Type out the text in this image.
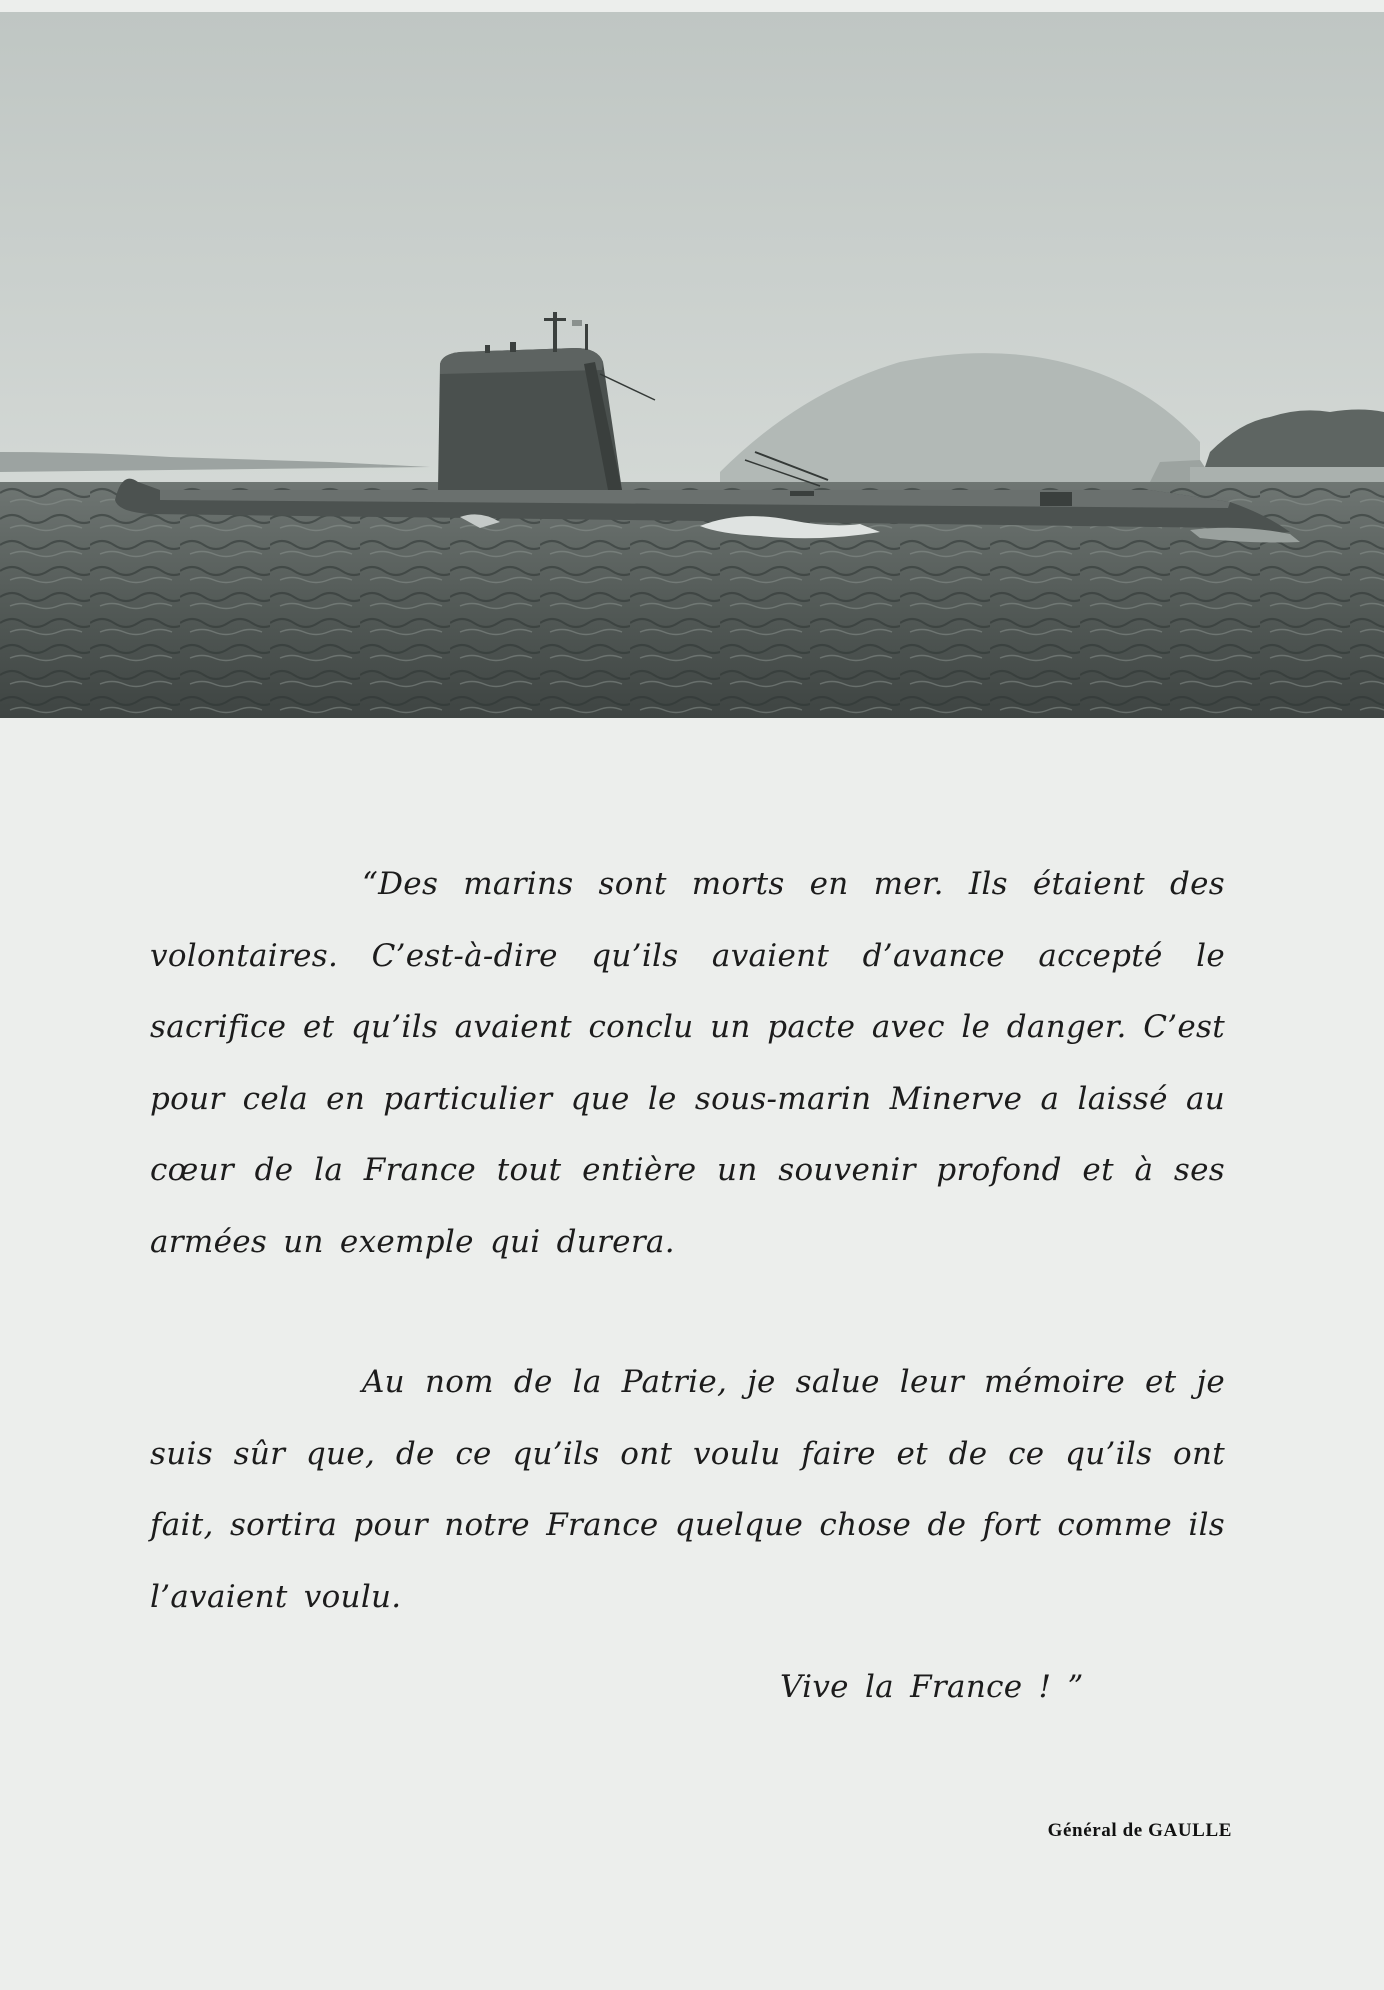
“Des marins sont morts en mer. Ils étaient des volontaires. C’est-à-dire qu’ils avaient d’avance accepté le sacrifice et qu’ils avaient conclu un pacte avec le danger. C’est pour cela en particulier que le sous-marin Minerve a laissé au cœur de la France tout entière un souvenir profond et à ses armées un exemple qui durera.

Au nom de la Patrie, je salue leur mémoire et je suis sûr que, de ce qu’ils ont voulu faire et de ce qu’ils ont fait, sortira pour notre France quelque chose de fort comme ils l’avaient voulu.

Vive la France ! ”

Général de GAULLE
